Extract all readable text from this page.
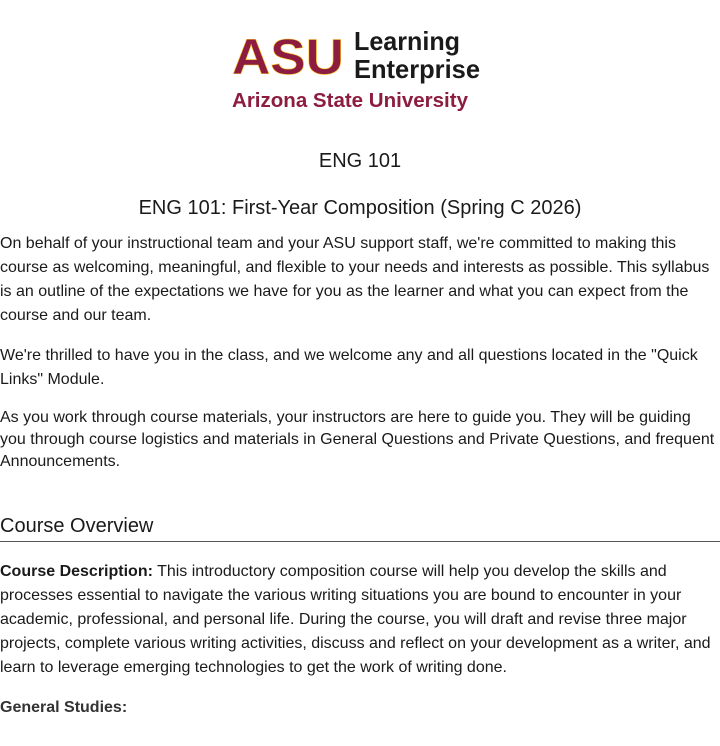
ASU Learning
Enterprise
Arizona State University
ENG 101
ENG 101: First-Year Composition (Spring C 2026)

On behalf of your instructional team and your ASU support staff, we're committed to making this course as welcoming, meaningful, and flexible to your needs and interests as possible. This syllabus is an outline of the expectations we have for you as the learner and what you can expect from the course and our team.

We're thrilled to have you in the class, and we welcome any and all questions located in the "Quick Links" Module.

As you work through course materials, your instructors are here to guide you. They will be guiding you through course logistics and materials in General Questions and Private Questions, and frequent Announcements.

Course Overview

Course Description: This introductory composition course will help you develop the skills and processes essential to navigate the various writing situations you are bound to encounter in your academic, professional, and personal life. During the course, you will draft and revise three major projects, complete various writing activities, discuss and reflect on your development as a writer, and learn to leverage emerging technologies to get the work of writing done.

General Studies:
